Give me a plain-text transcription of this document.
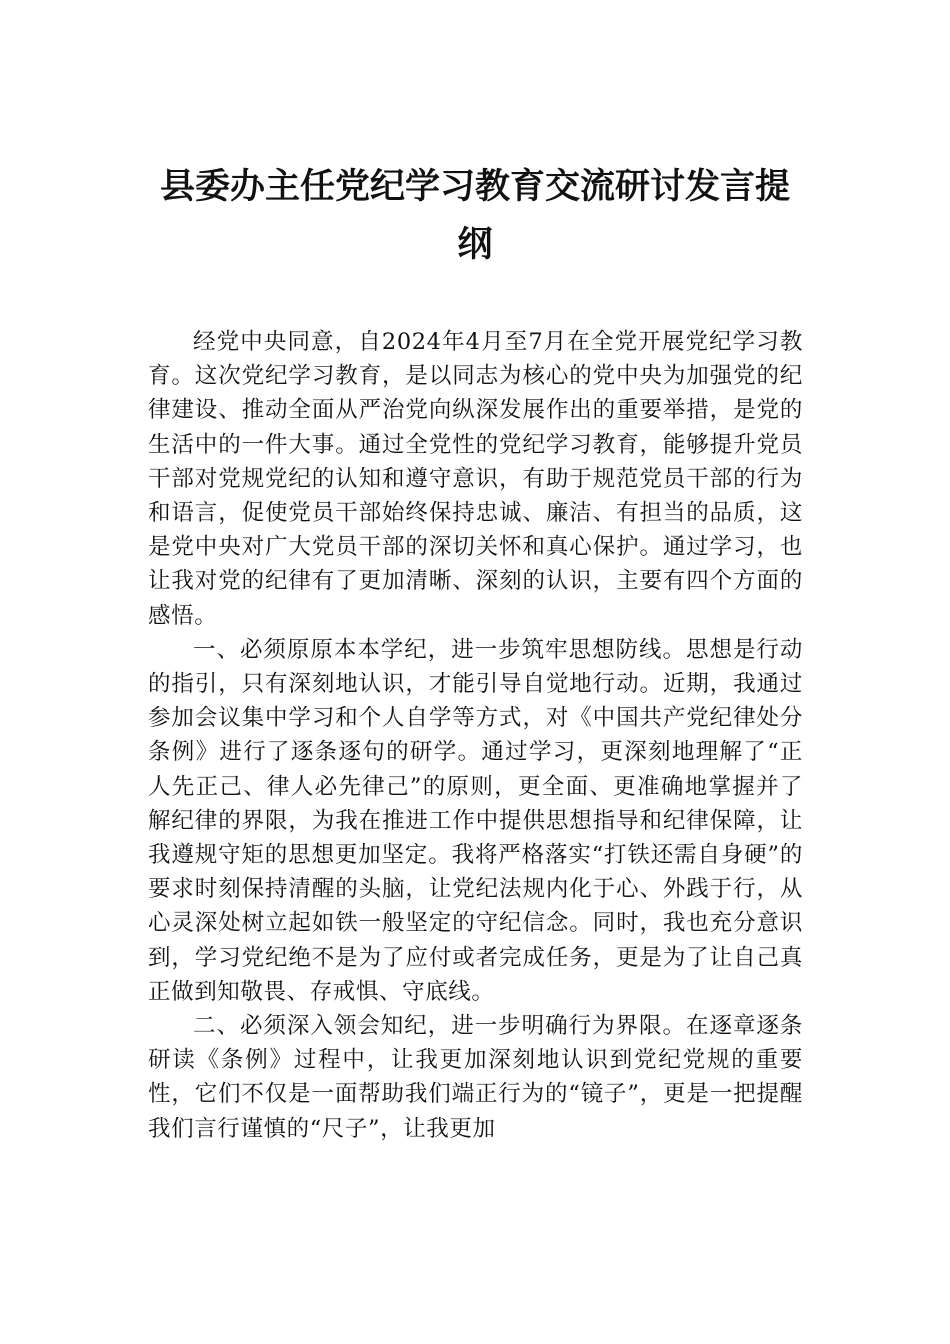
县委办主任党纪学习教育交流研讨发言提纲

经党中央同意，自2024年4月至7月在全党开展党纪学习教育。这次党纪学习教育，是以同志为核心的党中央为加强党的纪律建设、推动全面从严治党向纵深发展作出的重要举措，是党的生活中的一件大事。通过全党性的党纪学习教育，能够提升党员干部对党规党纪的认知和遵守意识，有助于规范党员干部的行为和语言，促使党员干部始终保持忠诚、廉洁、有担当的品质，这是党中央对广大党员干部的深切关怀和真心保护。通过学习，也让我对党的纪律有了更加清晰、深刻的认识，主要有四个方面的感悟。

一、必须原原本本学纪，进一步筑牢思想防线。思想是行动的指引，只有深刻地认识，才能引导自觉地行动。近期，我通过参加会议集中学习和个人自学等方式，对《中国共产党纪律处分条例》进行了逐条逐句的研学。通过学习，更深刻地理解了“正人先正己、律人必先律己”的原则，更全面、更准确地掌握并了解纪律的界限，为我在推进工作中提供思想指导和纪律保障，让我遵规守矩的思想更加坚定。我将严格落实“打铁还需自身硬”的要求时刻保持清醒的头脑，让党纪法规内化于心、外践于行，从心灵深处树立起如铁一般坚定的守纪信念。同时，我也充分意识到，学习党纪绝不是为了应付或者完成任务，更是为了让自己真正做到知敬畏、存戒惧、守底线。

二、必须深入领会知纪，进一步明确行为界限。在逐章逐条研读《条例》过程中，让我更加深刻地认识到党纪党规的重要性，它们不仅是一面帮助我们端正行为的“镜子”，更是一把提醒我们言行谨慎的“尺子”，让我更加
